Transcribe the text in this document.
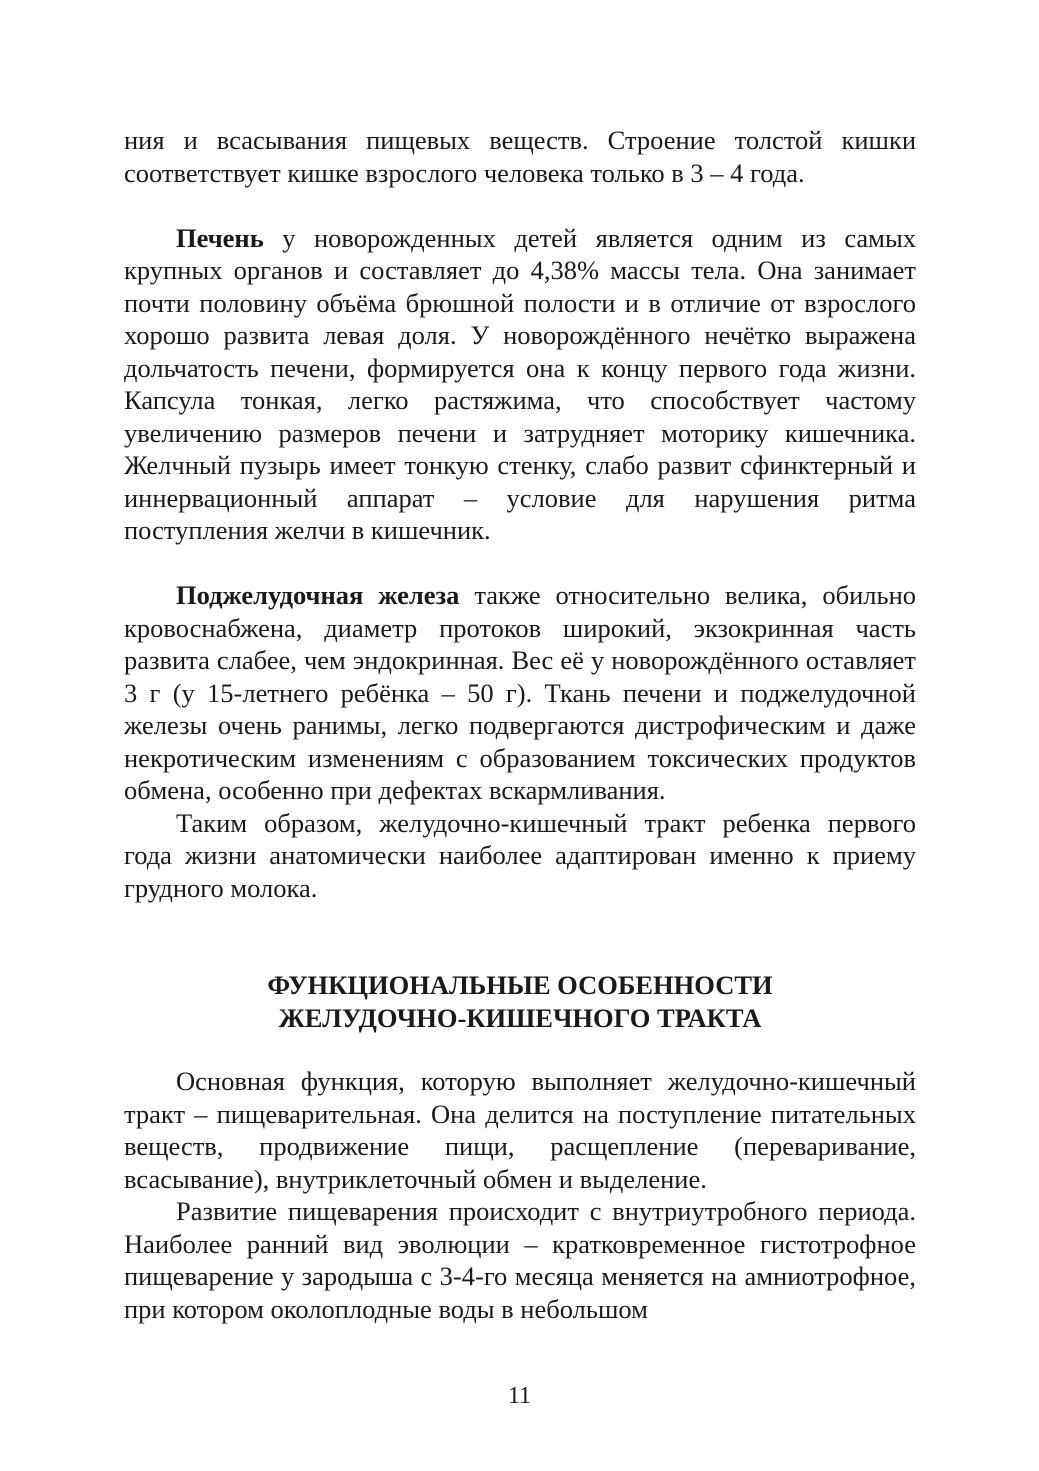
ния и всасывания пищевых веществ. Строение толстой кишки соответствует кишке взрослого человека только в 3 – 4 года.

Печень у новорожденных детей является одним из самых крупных органов и составляет до 4,38% массы тела. Она занимает почти половину объёма брюшной полости и в отличие от взрослого хорошо развита левая доля. У новорождённого нечётко выражена дольчатость печени, формируется она к концу первого года жизни. Капсула тонкая, легко растяжима, что способствует частому увеличению размеров печени и затрудняет моторику кишечника. Желчный пузырь имеет тонкую стенку, слабо развит сфинктерный и иннервационный аппарат – условие для нарушения ритма поступления желчи в кишечник.

Поджелудочная железа также относительно велика, обильно кровоснабжена, диаметр протоков широкий, экзокринная часть развита слабее, чем эндокринная. Вес её у новорождённого оставляет 3 г (у 15-летнего ребёнка – 50 г). Ткань печени и поджелудочной железы очень ранимы, легко подвергаются дистрофическим и даже некротическим изменениям с образованием токсических продуктов обмена, особенно при дефектах вскармливания.

Таким образом, желудочно-кишечный тракт ребенка первого года жизни анатомически наиболее адаптирован именно к приему грудного молока.

ФУНКЦИОНАЛЬНЫЕ ОСОБЕННОСТИ
ЖЕЛУДОЧНО-КИШЕЧНОГО ТРАКТА

Основная функция, которую выполняет желудочно-кишечный тракт – пищеварительная. Она делится на поступление питательных веществ, продвижение пищи, расщепление (переваривание, всасывание), внутриклеточный обмен и выделение.

Развитие пищеварения происходит с внутриутробного периода. Наиболее ранний вид эволюции – кратковременное гистотрофное пищеварение у зародыша с 3-4-го месяца меняется на амниотрофное, при котором околоплодные воды в небольшом

11
